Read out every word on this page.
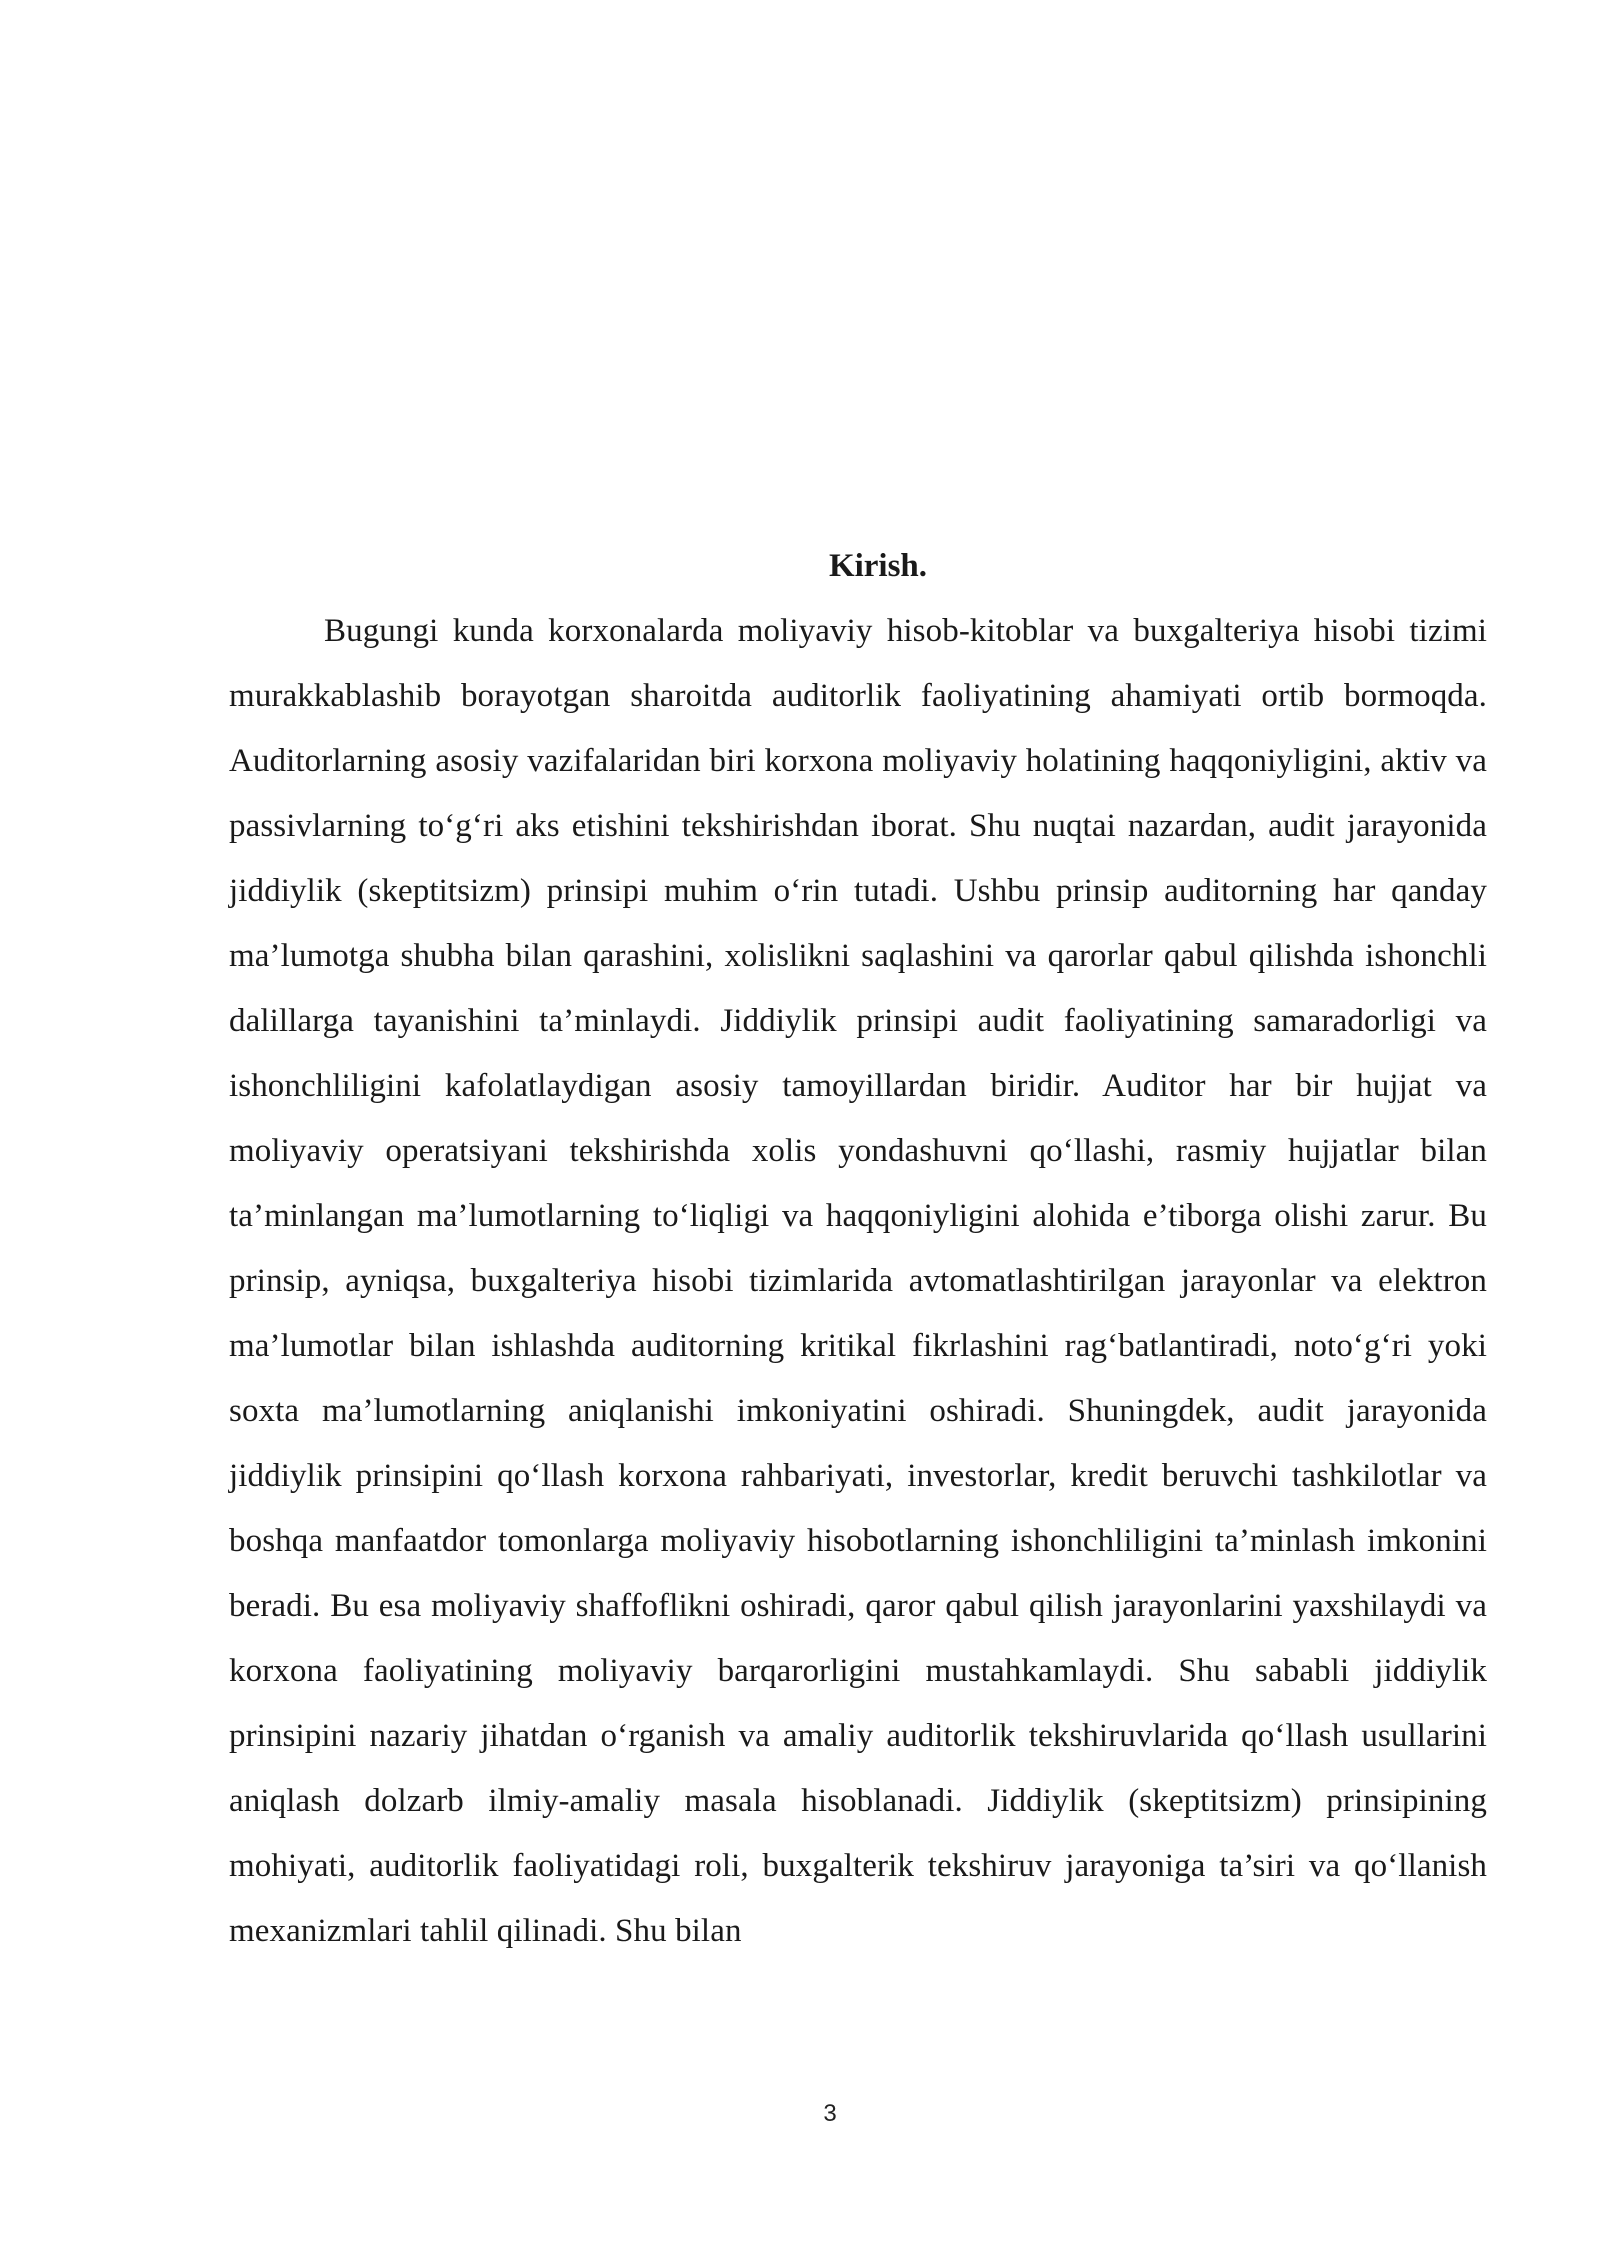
Kirish.

Bugungi kunda korxonalarda moliyaviy hisob-kitoblar va buxgalteriya hisobi tizimi murakkablashib borayotgan sharoitda auditorlik faoliyatining ahamiyati ortib bormoqda. Auditorlarning asosiy vazifalaridan biri korxona moliyaviy holatining haqqoniyligini, aktiv va passivlarning to‘g‘ri aks etishini tekshirishdan iborat. Shu nuqtai nazardan, audit jarayonida jiddiylik (skeptitsizm) prinsipi muhim o‘rin tutadi. Ushbu prinsip auditorning har qanday ma’lumotga shubha bilan qarashini, xolislikni saqlashini va qarorlar qabul qilishda ishonchli dalillarga tayanishini ta’minlaydi. Jiddiylik prinsipi audit faoliyatining samaradorligi va ishonchliligini kafolatlaydigan asosiy tamoyillardan biridir. Auditor har bir hujjat va moliyaviy operatsiyani tekshirishda xolis yondashuvni qo‘llashi, rasmiy hujjatlar bilan ta’minlangan ma’lumotlarning to‘liqligi va haqqoniyligini alohida e’tiborga olishi zarur. Bu prinsip, ayniqsa, buxgalteriya hisobi tizimlarida avtomatlashtirilgan jarayonlar va elektron ma’lumotlar bilan ishlashda auditorning kritikal fikrlashini rag‘batlantiradi, noto‘g‘ri yoki soxta ma’lumotlarning aniqlanishi imkoniyatini oshiradi. Shuningdek, audit jarayonida jiddiylik prinsipini qo‘llash korxona rahbariyati, investorlar, kredit beruvchi tashkilotlar va boshqa manfaatdor tomonlarga moliyaviy hisobotlarning ishonchliligini ta’minlash imkonini beradi. Bu esa moliyaviy shaffoflikni oshiradi, qaror qabul qilish jarayonlarini yaxshilaydi va korxona faoliyatining moliyaviy barqarorligini mustahkamlaydi. Shu sababli jiddiylik prinsipini nazariy jihatdan o‘rganish va amaliy auditorlik tekshiruvlarida qo‘llash usullarini aniqlash dolzarb ilmiy-amaliy masala hisoblanadi. Jiddiylik (skeptitsizm) prinsipining mohiyati, auditorlik faoliyatidagi roli, buxgalterik tekshiruv jarayoniga ta’siri va qo‘llanish mexanizmlari tahlil qilinadi. Shu bilan

3
